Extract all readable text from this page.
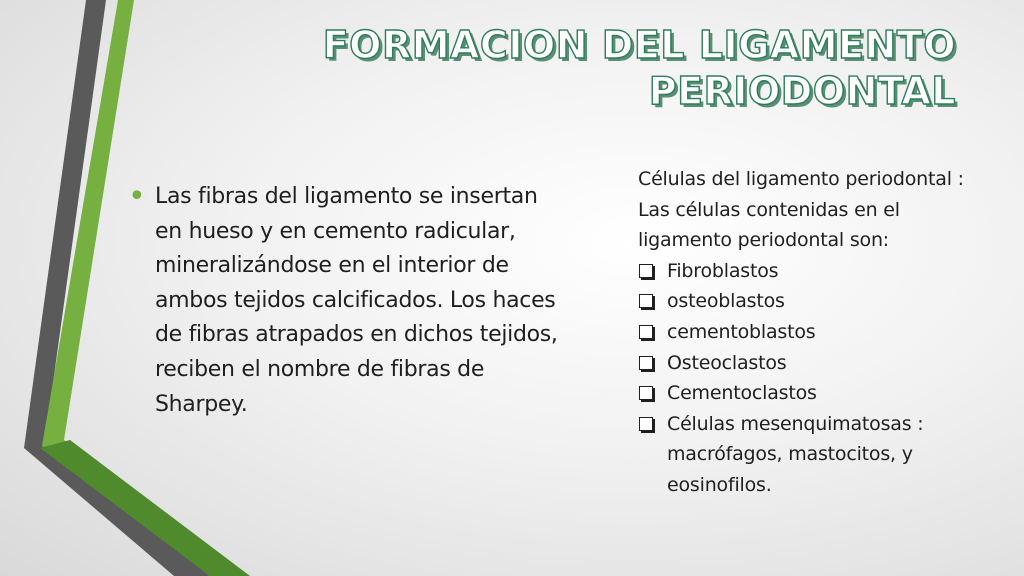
FORMACION DEL LIGAMENTO PERIODONTAL
• Las fibras del ligamento se insertan en hueso y en cemento radicular, mineralizándose en el interior de ambos tejidos calcificados. Los haces de fibras atrapados en dichos tejidos, reciben el nombre de fibras de Sharpey.

Células del ligamento periodontal : Las células contenidas en el ligamento periodontal son:

Fibroblastos
osteoblastos
cementoblastos
Osteoclastos
Cementoclastos
Células mesenquimatosas : macrófagos, mastocitos, y eosinofilos.
